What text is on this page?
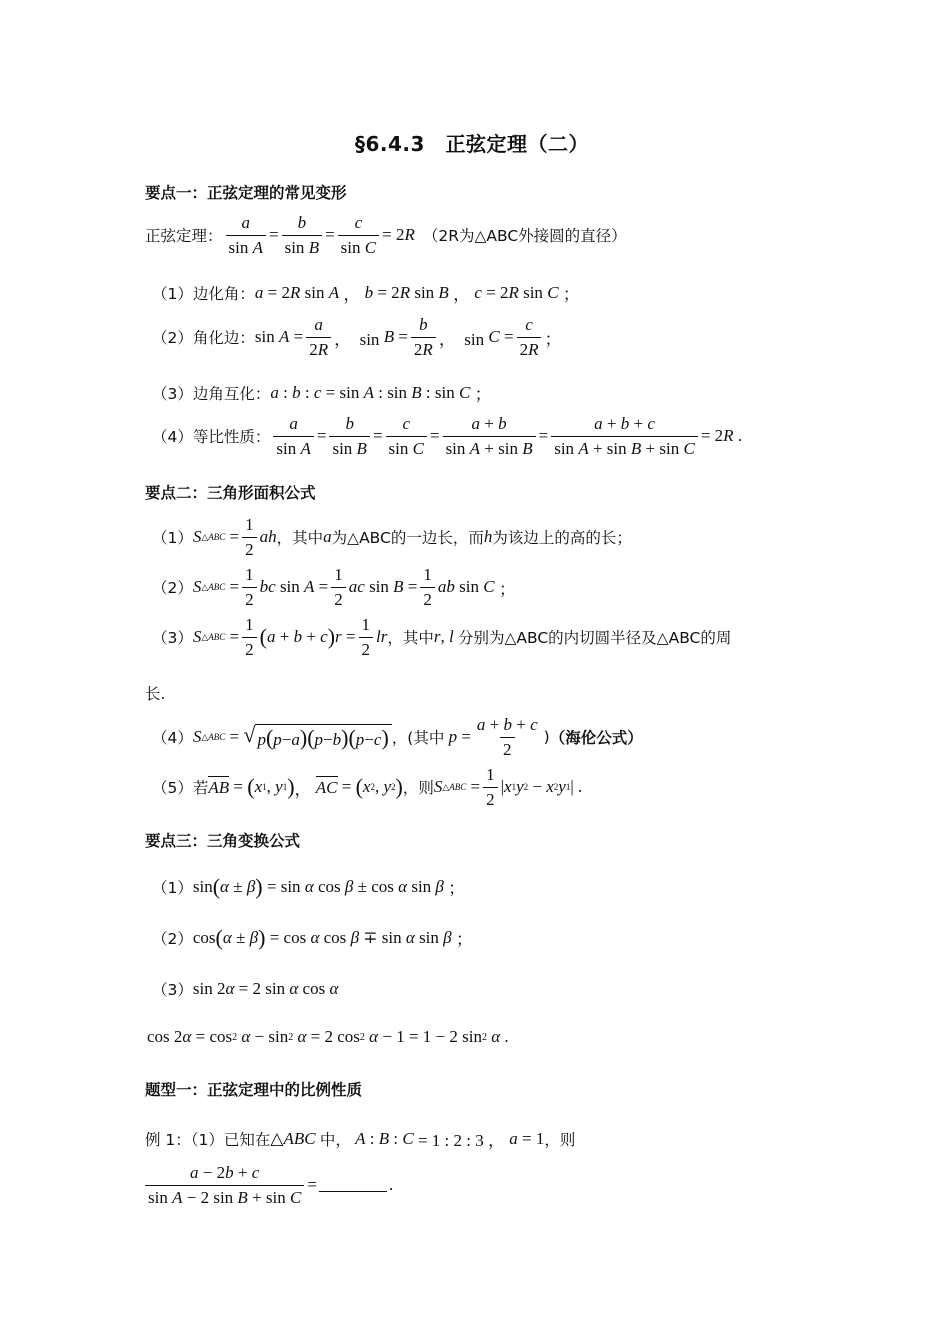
§6.4.3　正弦定理（二）
要点一：正弦定理的常见变形
正弦定理： $\frac{a}{\text{sin A}} = \frac{b}{\text{sin B}} = \frac{c}{\text{sin C}} = 2$ R （2R为△ABC外接圆的直径）
（1）边化角： a = 2 R sin A ， b = 2 R sin B ， c = 2 R sin C ；
（2）角化边： $\sin A = \frac{a}{2R}$ ，  $\sin B = \frac{b}{2R}$ ，  $\sin C = \frac{c}{2R}$ ；
（3）边角互化： a : b : c = sin A : sin B : sin C ；
（4）等比性质： $\frac{a}{\text{sin A}} = \frac{b}{\text{sin B}} = \frac{c}{\text{sin C}} = \frac{a + b}{\text{sin A + sin B}} = \frac{a + b + c}{\text{sin A + sin B + sin C}} = 2$ R .
要点二：三角形面积公式
（1） S △ABC = $\frac{1}{2}$ ah ，其中 a 为△ABC的一边长，而 h 为该边上的高的长；
（2） S △ABC = $\frac{1}{2}$ bc $\sin A = \frac{1}{2}$ ac $\sin B = \frac{1}{2}$ ab sin C ；
（3） S △ABC = $\frac{1}{2}$ ( a + b + c ) $r = \frac{1}{2}$ lr ，其中 r , l
分别为△ABC的内切圆半径及△ABC的周
长.
（4） S △ABC = √ p(p−a)(p−b)(p−c) ，(其中
$p = \frac{a + b + c}{2}$ ) （海伦公式）
（5） 若 AB = ( x 1 , y 1 ) ， AC = ( x 2 , y 2 ) ，则 S △ABC = $\frac{1}{2}$ | x 1 y 2 − x 2 y 1 | .
要点三：三角变换公式
（1） sin ( α ± β ) = sin α cos β ± cos α sin β ；
（2） cos ( α ± β ) = cos α cos β ∓ sin α sin β ；
（3） sin 2 α = 2 sin α cos α
cos 2 α = cos 2
α − sin 2
α = 2 cos 2
α − 1 = 1 − 2 sin 2
α .
题型一：正弦定理中的比例性质
例 1：（1）已知在 △ ABC
中，
A : B : C = 1 : 2 : 3 ， a = 1 ，则
$\frac{a - 2b + c}{\text{sin A − 2 sin B + sin C}}$ =	.
